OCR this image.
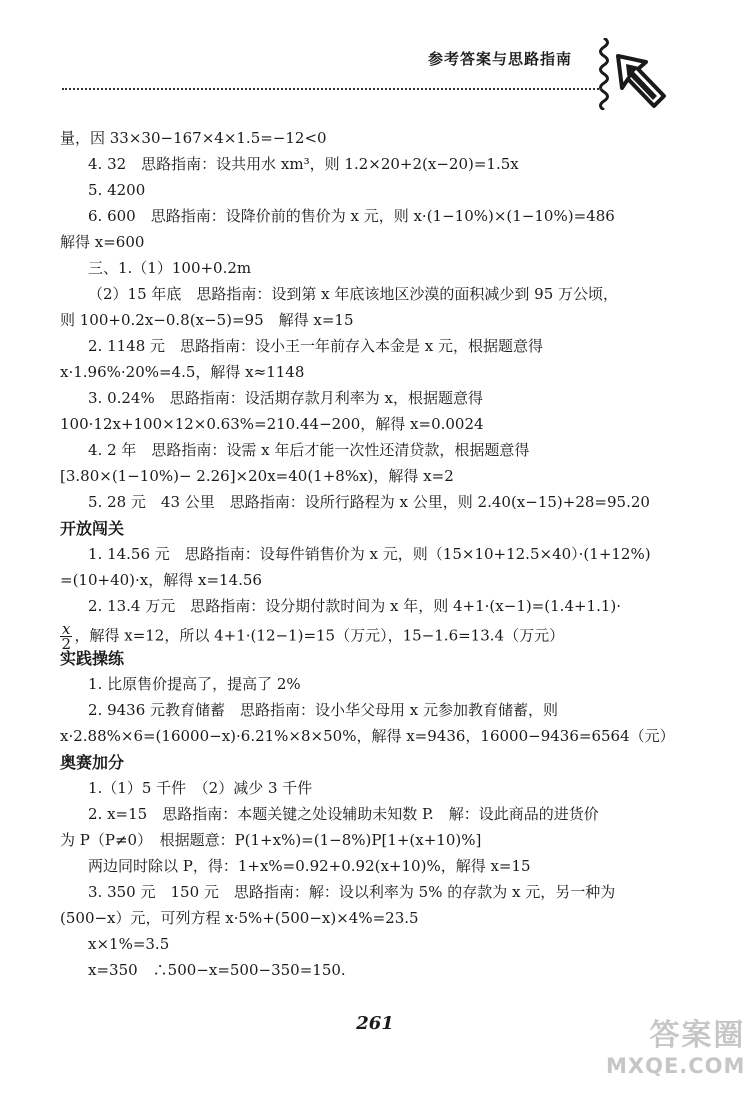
参考答案与思路指南
量，因 33×30−167×4×1.5=−12<0
4. 32　思路指南：设共用水 xm³，则 1.2×20+2(x−20)=1.5x
5. 4200
6. 600　思路指南：设降价前的售价为 x 元，则 x·(1−10%)×(1−10%)=486
解得 x=600
三、1.（1）100+0.2m
（2）15 年底　思路指南：设到第 x 年底该地区沙漠的面积减少到 95 万公顷，
则 100+0.2x−0.8(x−5)=95　解得 x=15
2. 1148 元　思路指南：设小王一年前存入本金是 x 元，根据题意得
x·1.96%·20%=4.5，解得 x≈1148
3. 0.24%　思路指南：设活期存款月利率为 x，根据题意得
100·12x+100×12×0.63%=210.44−200，解得 x=0.0024
4. 2 年　思路指南：设需 x 年后才能一次性还清贷款，根据题意得
[3.80×(1−10%)− 2.26]×20x=40(1+8%x)，解得 x=2
5. 28 元　43 公里　思路指南：设所行路程为 x 公里，则 2.40(x−15)+28=95.20
开放闯关
1. 14.56 元　思路指南：设每件销售价为 x 元，则（15×10+12.5×40）·(1+12%)
=(10+40)·x，解得 x=14.56
2. 13.4 万元　思路指南：设分期付款时间为 x 年，则 4+1·(x−1)=(1.4+1.1)·
$\frac{x}{2}$ ，解得 x=12，所以 4+1·(12−1)=15（万元），15−1.6=13.4（万元）
实践操练
1. 比原售价提高了，提高了 2%
2. 9436 元教育储蓄　思路指南：设小华父母用 x 元参加教育储蓄，则
x·2.88%×6=(16000−x)·6.21%×8×50%，解得 x=9436，16000−9436=6564（元）
奥赛加分
1.（1）5 千件　（2）减少 3 千件
2. x=15　思路指南：本题关键之处设辅助未知数 P.　解：设此商品的进货价
为 P（P≠0）　根据题意：P(1+x%)=(1−8%)P[1+(x+10)%]
两边同时除以 P，得：1+x%=0.92+0.92(x+10)%，解得 x=15
3. 350 元　150 元　思路指南：解：设以利率为 5% 的存款为 x 元，另一种为
(500−x）元，可列方程 x·5%+(500−x)×4%=23.5
x×1%=3.5
x=350　∴500−x=500−350=150.
261	答案圈
MXQE.COM
